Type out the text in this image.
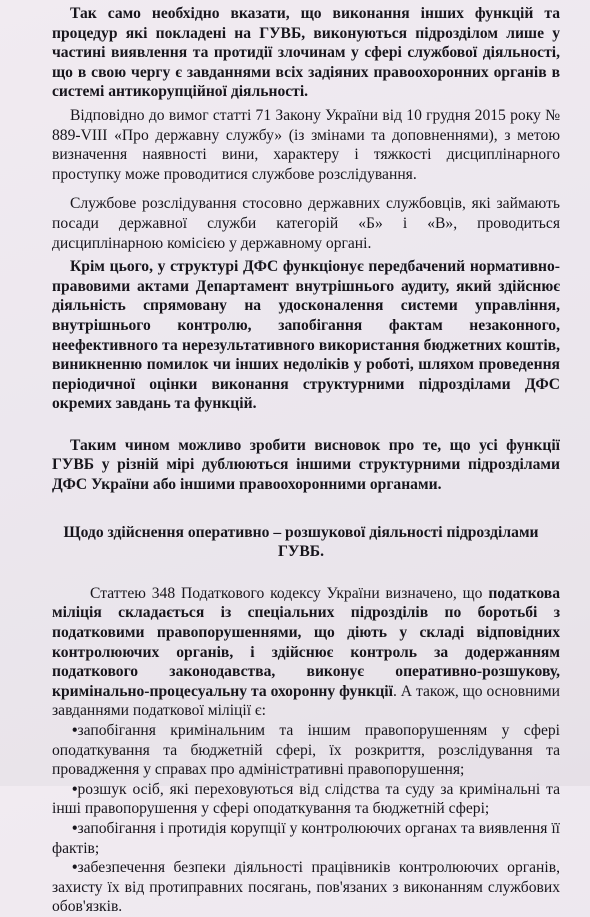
Так само необхідно вказати, що виконання інших функцій та процедур які покладені на ГУВБ, виконуються підрозділом лише у частині виявлення та протидії злочинам у сфері службової діяльності, що в свою чергу є завданнями всіх задіяних правоохоронних органів в системі антикорупційної діяльності.

Відповідно до вимог статті 71 Закону України від 10 грудня 2015 року № 889-VIII «Про державну службу» (із змінами та доповненнями), з метою визначення наявності вини, характеру і тяжкості дисциплінарного проступку може проводитися службове розслідування.

Службове розслідування стосовно державних службовців, які займають посади державної служби категорій «Б» і «В», проводиться дисциплінарною комісією у державному органі.

Крім цього, у структурі ДФС функціонує передбачений нормативно-правовими актами Департамент внутрішнього аудиту, який здійснює діяльність спрямовану на удосконалення системи управління, внутрішнього контролю, запобігання фактам незаконного, неефективного та нерезультативного використання бюджетних коштів, виникненню помилок чи інших недоліків у роботі, шляхом проведення періодичної оцінки виконання структурними підрозділами ДФС окремих завдань та функцій.

Таким чином можливо зробити висновок про те, що усі функції ГУВБ у різній мірі дублюються іншими структурними підрозділами ДФС України або іншими правоохоронними органами.

Щодо здійснення оперативно – розшукової діяльності підрозділами ГУВБ.

Статтею 348 Податкового кодексу України визначено, що податкова міліція складається із спеціальних підрозділів по боротьбі з податковими правопорушеннями, що діють у складі відповідних контролюючих органів, і здійснює контроль за додержанням податкового законодавства, виконує оперативно-розшукову, кримінально-процесуальну та охоронну функції. А також, що основними завданнями податкової міліції є:

•запобігання кримінальним та іншим правопорушенням у сфері оподаткування та бюджетній сфері, їх розкриття, розслідування та провадження у справах про адміністративні правопорушення;

•розшук осіб, які переховуються від слідства та суду за кримінальні та інші правопорушення у сфері оподаткування та бюджетній сфері;

•запобігання і протидія корупції у контролюючих органах та виявлення її фактів;

•забезпечення безпеки діяльності працівників контролюючих органів, захисту їх від протиправних посягань, пов'язаних з виконанням службових обов'язків.
